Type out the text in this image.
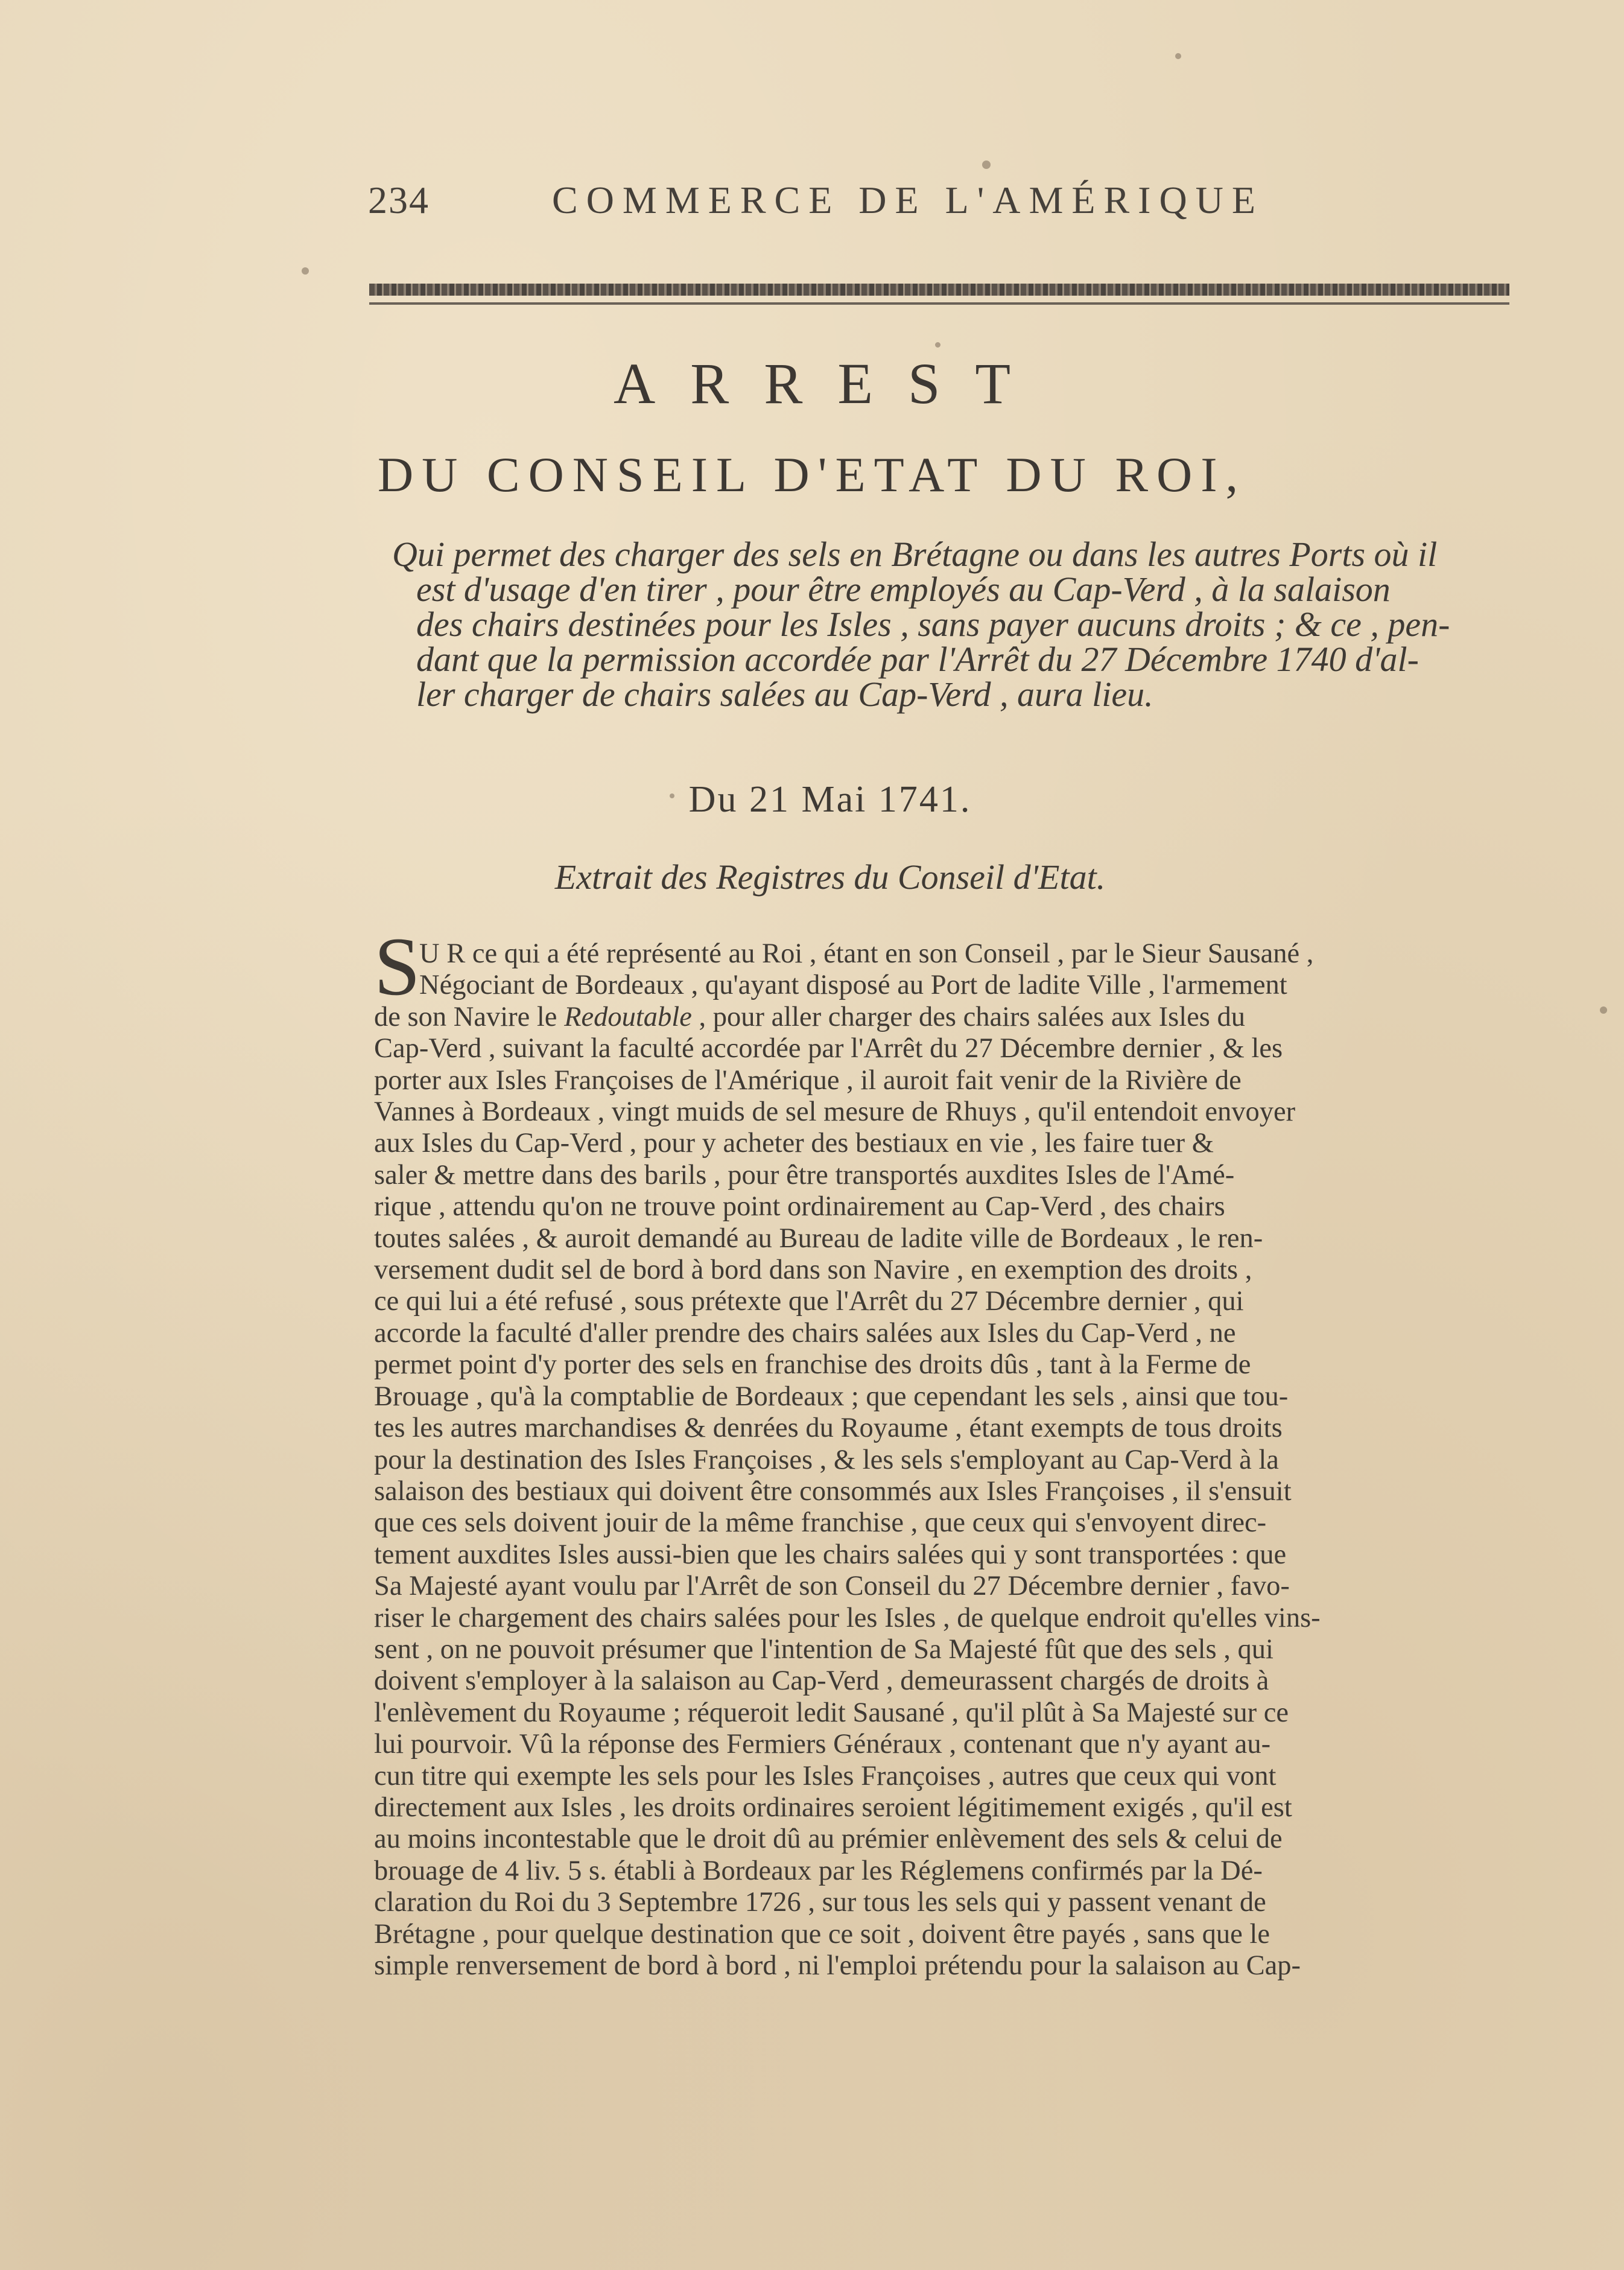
234	COMMERCE DE L'AMÉRIQUE
ARREST
DU CONSEIL D'ETAT DU ROI,
Qui permet des charger des sels en Brétagne ou dans les autres Ports où il
est d'usage d'en tirer , pour être employés au Cap-Verd , à la salaison
des chairs destinées pour les Isles , sans payer aucuns droits ; & ce , pen-
dant que la permission accordée par l'Arrêt du 27 Décembre 1740 d'al-
ler charger de chairs salées au Cap-Verd , aura lieu.
Du 21 Mai 1741.
Extrait des Registres du Conseil d'Etat.
S
U R ce qui a été représenté au Roi , étant en son Conseil , par le Sieur Sausané ,
Négociant de Bordeaux , qu'ayant disposé au Port de ladite Ville , l'armement
de son Navire le Redoutable , pour aller charger des chairs salées aux Isles du
Cap-Verd , suivant la faculté accordée par l'Arrêt du 27 Décembre dernier , & les
porter aux Isles Françoises de l'Amérique , il auroit fait venir de la Rivière de
Vannes à Bordeaux , vingt muids de sel mesure de Rhuys , qu'il entendoit envoyer
aux Isles du Cap-Verd , pour y acheter des bestiaux en vie , les faire tuer &
saler & mettre dans des barils , pour être transportés auxdites Isles de l'Amé-
rique , attendu qu'on ne trouve point ordinairement au Cap-Verd , des chairs
toutes salées , & auroit demandé au Bureau de ladite ville de Bordeaux , le ren-
versement dudit sel de bord à bord dans son Navire , en exemption des droits ,
ce qui lui a été refusé , sous prétexte que l'Arrêt du 27 Décembre dernier , qui
accorde la faculté d'aller prendre des chairs salées aux Isles du Cap-Verd , ne
permet point d'y porter des sels en franchise des droits dûs , tant à la Ferme de
Brouage , qu'à la comptablie de Bordeaux ; que cependant les sels , ainsi que tou-
tes les autres marchandises & denrées du Royaume , étant exempts de tous droits
pour la destination des Isles Françoises , & les sels s'employant au Cap-Verd à la
salaison des bestiaux qui doivent être consommés aux Isles Françoises , il s'ensuit
que ces sels doivent jouir de la même franchise , que ceux qui s'envoyent direc-
tement auxdites Isles aussi-bien que les chairs salées qui y sont transportées : que
Sa Majesté ayant voulu par l'Arrêt de son Conseil du 27 Décembre dernier , favo-
riser le chargement des chairs salées pour les Isles , de quelque endroit qu'elles vins-
sent , on ne pouvoit présumer que l'intention de Sa Majesté fût que des sels , qui
doivent s'employer à la salaison au Cap-Verd , demeurassent chargés de droits à
l'enlèvement du Royaume ; réqueroit ledit Sausané , qu'il plût à Sa Majesté sur ce
lui pourvoir. Vû la réponse des Fermiers Généraux , contenant que n'y ayant au-
cun titre qui exempte les sels pour les Isles Françoises , autres que ceux qui vont
directement aux Isles , les droits ordinaires seroient légitimement exigés , qu'il est
au moins incontestable que le droit dû au prémier enlèvement des sels & celui de
brouage de 4 liv. 5 s. établi à Bordeaux par les Réglemens confirmés par la Dé-
claration du Roi du 3 Septembre 1726 , sur tous les sels qui y passent venant de
Brétagne , pour quelque destination que ce soit , doivent être payés , sans que le
simple renversement de bord à bord , ni l'emploi prétendu pour la salaison au Cap-
